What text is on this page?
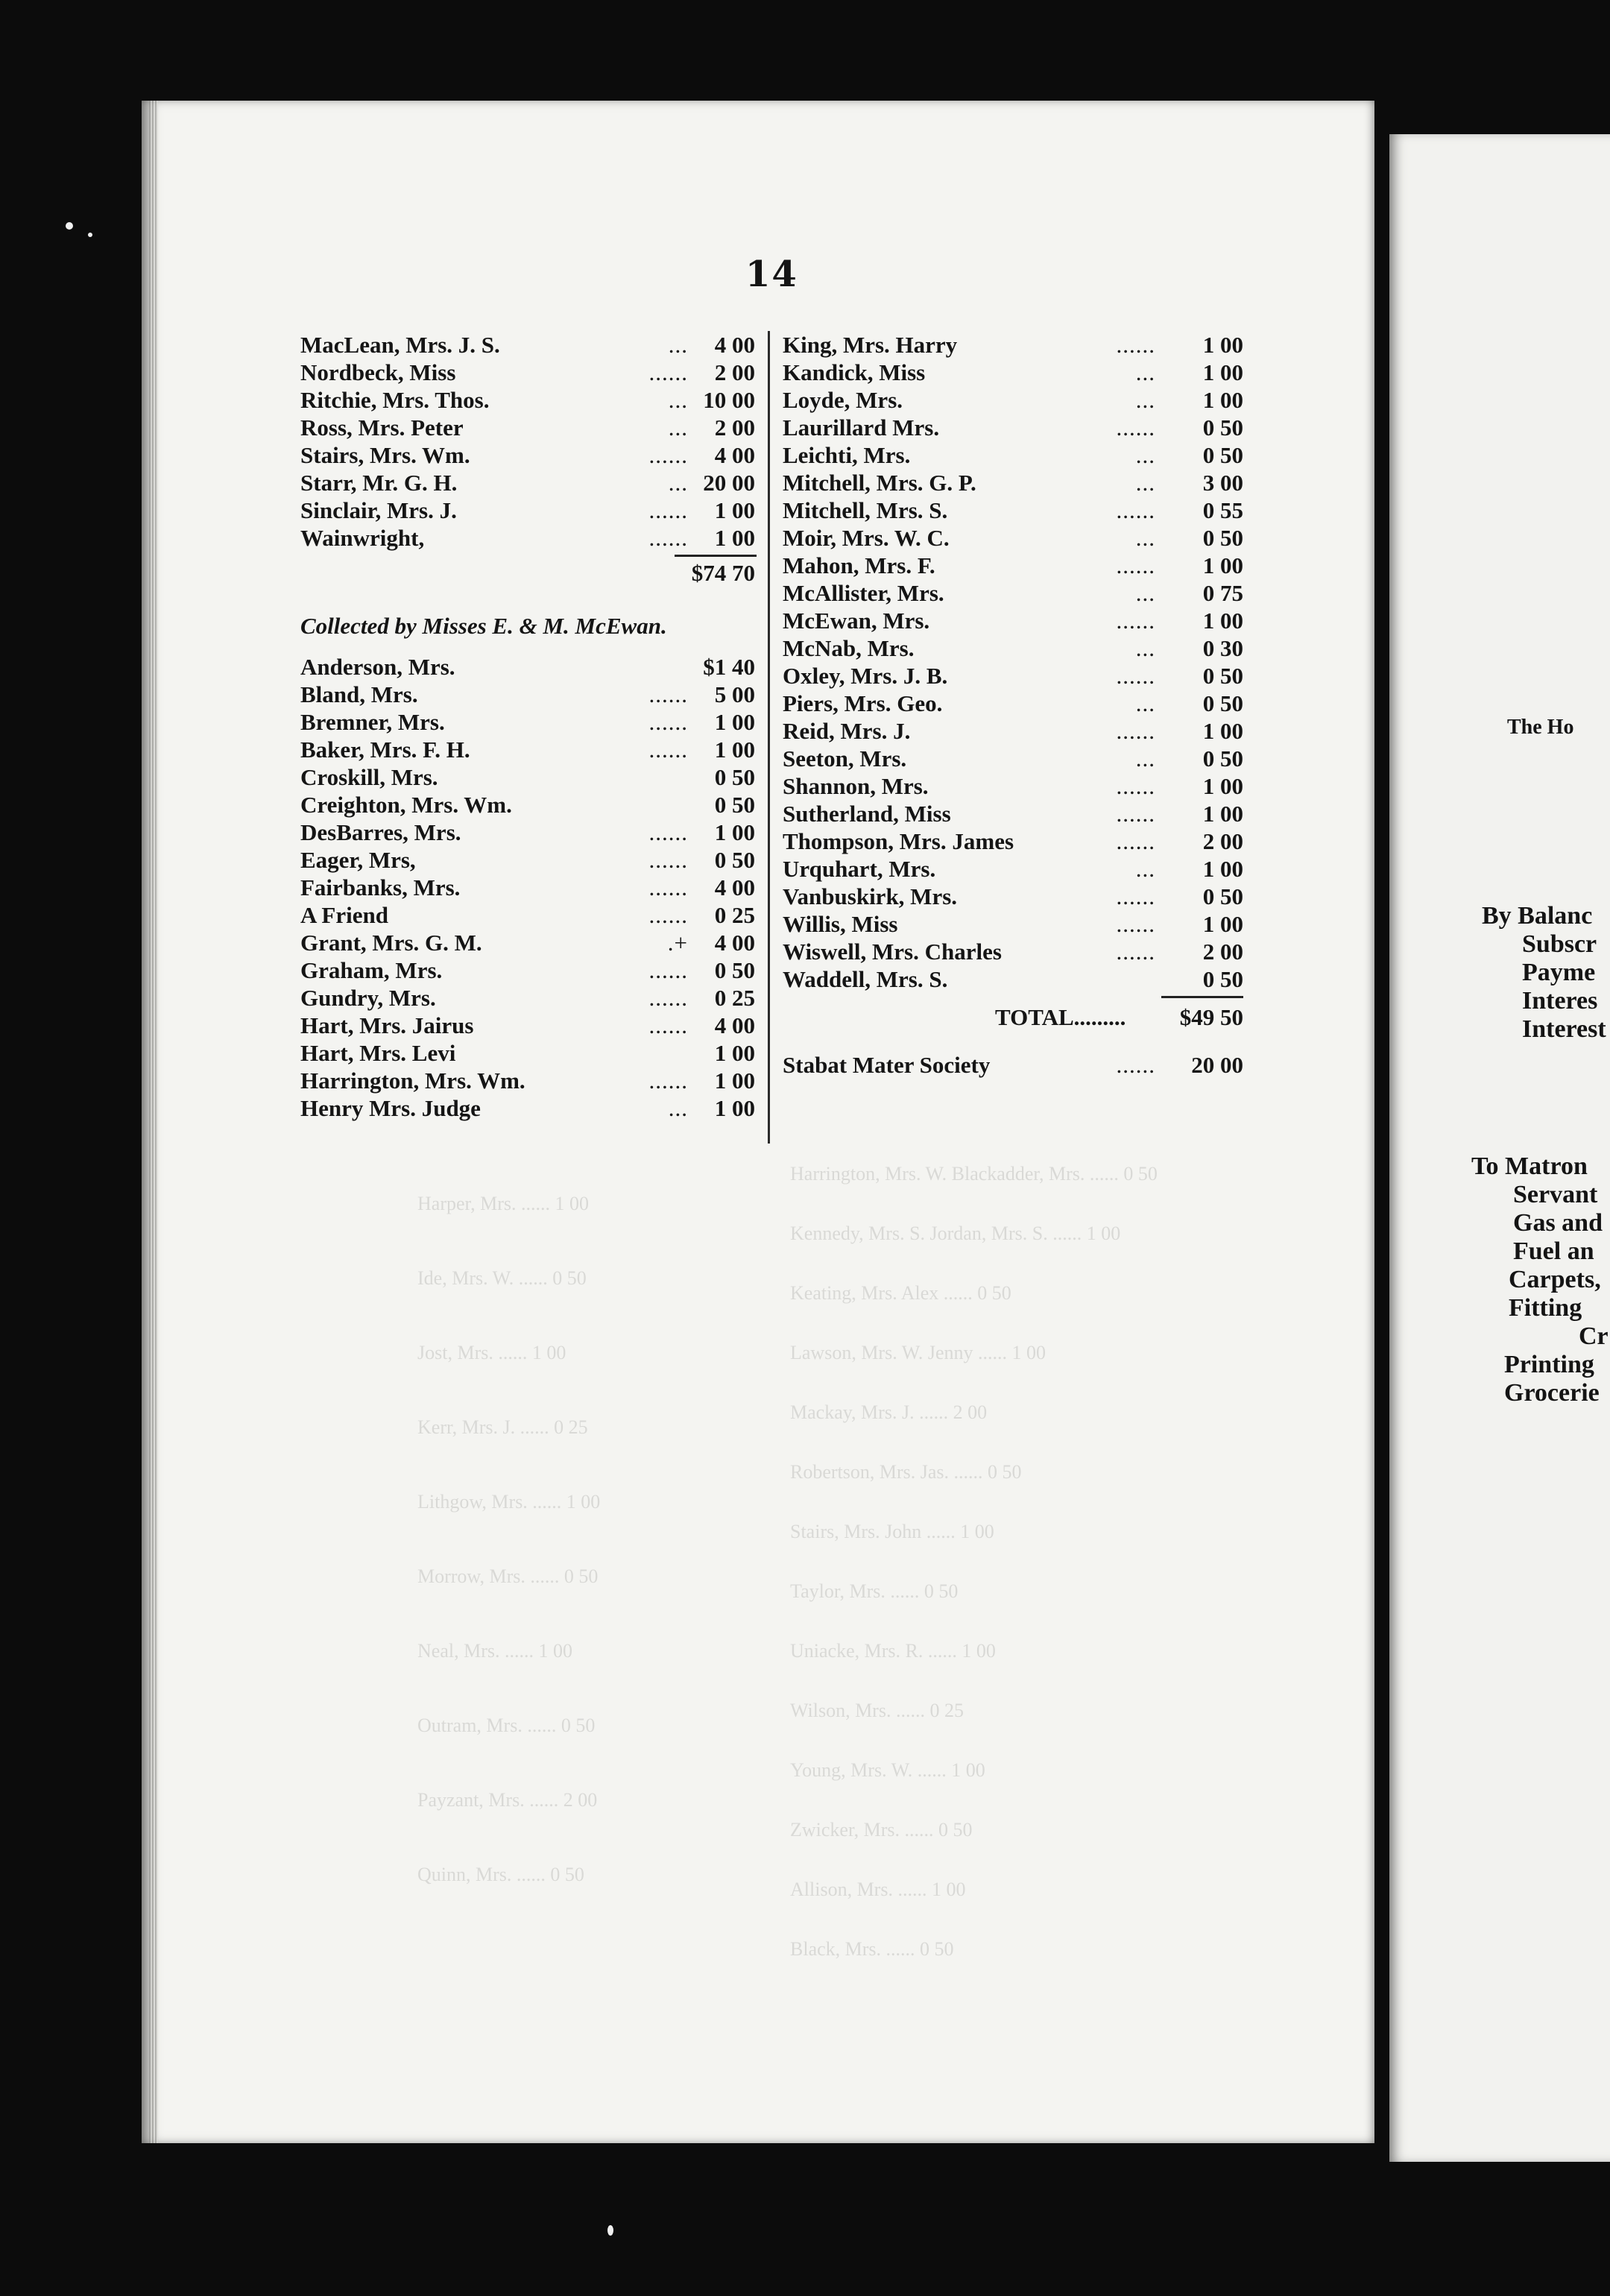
Harrington, Mrs. W. Blackadder, Mrs. ...... 0 50
Kennedy, Mrs. S. Jordan, Mrs. S. ...... 1 00
Keating, Mrs. Alex ...... 0 50
Lawson, Mrs. W. Jenny ...... 1 00
Mackay, Mrs. J. ...... 2 00
Robertson, Mrs. Jas. ...... 0 50
Stairs, Mrs. John ...... 1 00
Taylor, Mrs. ...... 0 50
Uniacke, Mrs. R. ...... 1 00
Wilson, Mrs. ...... 0 25
Young, Mrs. W. ...... 1 00
Zwicker, Mrs. ...... 0 50
Allison, Mrs. ...... 1 00
Black, Mrs. ...... 0 50
Harper, Mrs. ...... 1 00
Ide, Mrs. W. ...... 0 50
Jost, Mrs. ...... 1 00
Kerr, Mrs. J. ...... 0 25
Lithgow, Mrs. ...... 1 00
Morrow, Mrs. ...... 0 50
Neal, Mrs. ...... 1 00
Outram, Mrs. ...... 0 50
Payzant, Mrs. ...... 2 00
Quinn, Mrs. ...... 0 50
14
MacLean, Mrs. J. S.	... 4 00
Nordbeck, Miss	...... 2 00
Ritchie, Mrs. Thos.	... 10 00
Ross, Mrs. Peter	... 2 00
Stairs, Mrs. Wm.	...... 4 00
Starr, Mr. G. H.	... 20 00
Sinclair, Mrs. J.	...... 1 00
Wainwright,	...... 1 00
$74 70
Collected by Misses E. & M. McEwan.
Anderson, Mrs.	$1 40
Bland, Mrs.	...... 5 00
Bremner, Mrs.	...... 1 00
Baker, Mrs. F. H.	...... 1 00
Croskill, Mrs.	0 50
Creighton, Mrs. Wm.	0 50
DesBarres, Mrs.	...... 1 00
Eager, Mrs,	...... 0 50
Fairbanks, Mrs.	...... 4 00
A Friend	...... 0 25
Grant, Mrs. G. M.	.+ 4 00
Graham, Mrs.	...... 0 50
Gundry, Mrs.	...... 0 25
Hart, Mrs. Jairus	...... 4 00
Hart, Mrs. Levi	1 00
Harrington, Mrs. Wm.	...... 1 00
Henry Mrs. Judge	... 1 00
King, Mrs. Harry	...... 1 00
Kandick, Miss	... 1 00
Loyde, Mrs.	... 1 00
Laurillard Mrs.	...... 0 50
Leichti, Mrs.	... 0 50
Mitchell, Mrs. G. P.	... 3 00
Mitchell, Mrs. S.	...... 0 55
Moir, Mrs. W. C.	... 0 50
Mahon, Mrs. F.	...... 1 00
McAllister, Mrs.	... 0 75
McEwan, Mrs.	...... 1 00
McNab, Mrs.	... 0 30
Oxley, Mrs. J. B.	...... 0 50
Piers, Mrs. Geo.	... 0 50
Reid, Mrs. J.	...... 1 00
Seeton, Mrs.	... 0 50
Shannon, Mrs.	...... 1 00
Sutherland, Miss	...... 1 00
Thompson, Mrs. James	...... 2 00
Urquhart, Mrs.	... 1 00
Vanbuskirk, Mrs.	...... 0 50
Willis, Miss	...... 1 00
Wiswell, Mrs. Charles	...... 2 00
Waddell, Mrs. S.	0 50
TOTAL......... $49 50
Stabat Mater Society	...... 20 00
The Ho
By Balanc
Subscr
Payme
Interes
Interest
To Matron
Servant
Gas and
Fuel an
Carpets,
Fitting
Cr
Printing
Grocerie
